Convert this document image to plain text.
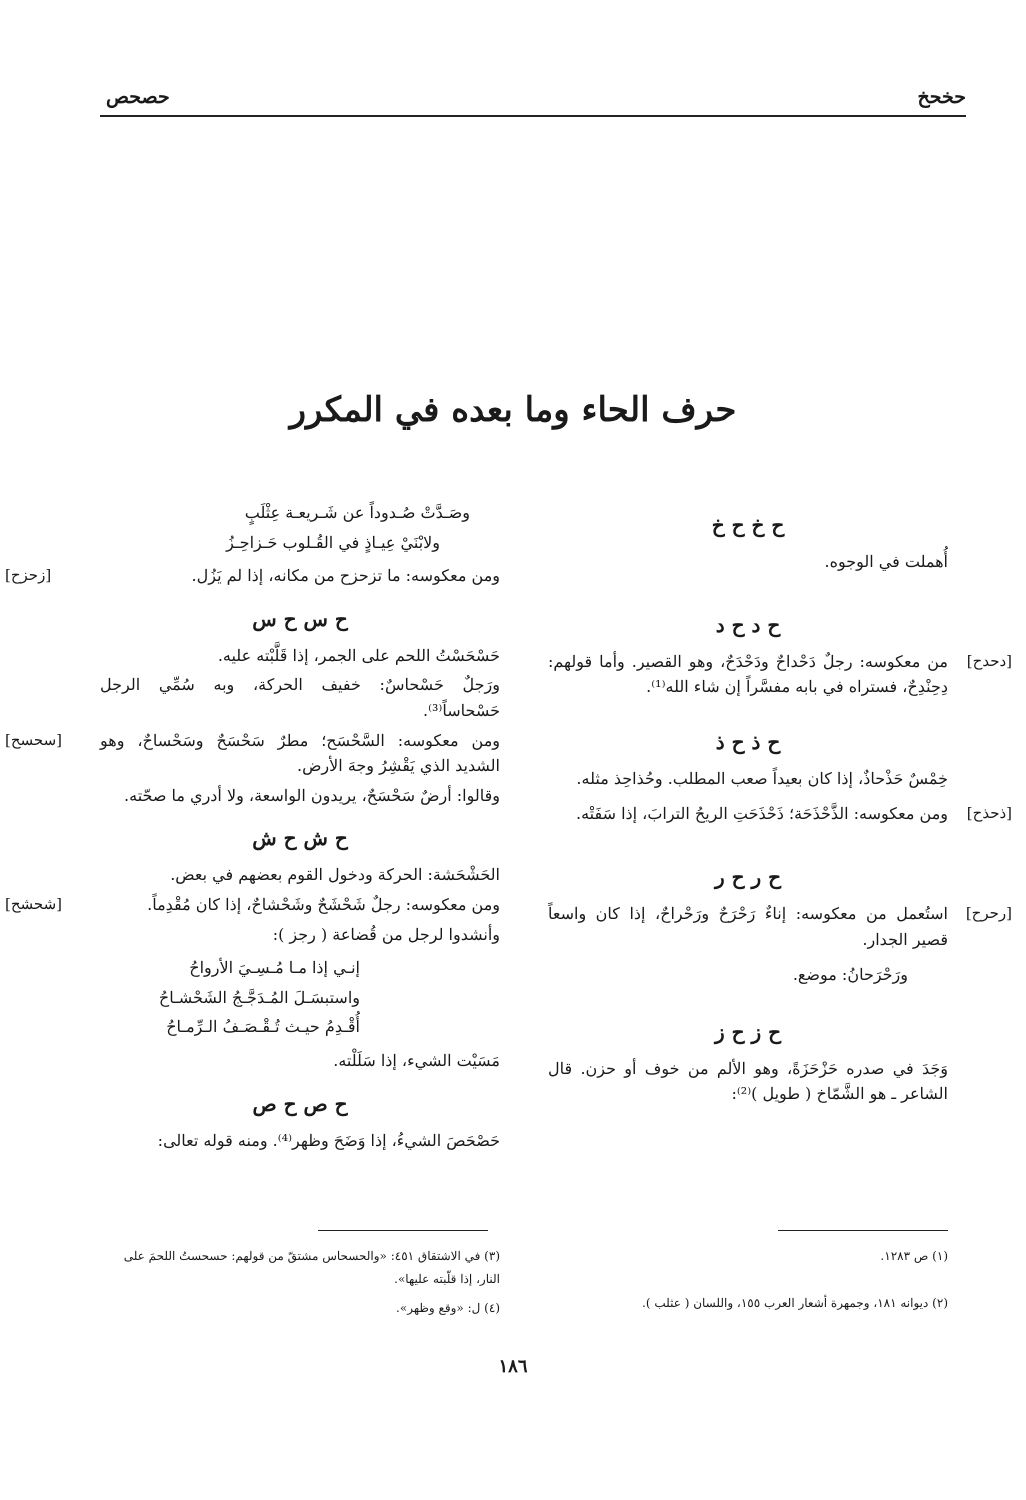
حخحخ
حصحص
حرف الحاء وما بعده في المكرر
ح خ ح خ

أُهملت في الوجوه.

ح د ح د
[دحدح]

من معكوسه: رجلٌ دَحْداحٌ ودَحْدَحٌ، وهو القصير. وأما قولهم: دِحِنْدِحٌ، فستراه في بابه مفسَّراً إن شاء الله⁽¹⁾.

ح ذ ح ذ

خِمْسٌ حَذْحاذٌ، إذا كان بعيداً صعب المطلب. وحُذاحِذ مثله.

[ذحذح]

ومن معكوسه: الذَّحْذَحَة؛ ذَحْذَحَتِ الريحُ الترابَ، إذا سَفَتْه.

ح ر ح ر
[رحرح]

استُعمل من معكوسه: إناءٌ رَحْرَحٌ ورَحْراحٌ، إذا كان واسعاً قصير الجدار.

ورَحْرَحانُ: موضع.

ح ز ح ز

وَجَدَ في صدره حَزْحَزَةً، وهو الألم من خوف أو حزن. قال الشاعر ـ هو الشَّمّاخ ( طويل )⁽²⁾:

وصَـدَّتْ صُـدوداً عن شَـريعـة عِثْلَبٍ

ولابْنَيْ عِيـاذٍ في القُـلوب حَـزاحِـزُ

[زحزح]	ومن معكوسه: ما تزحزح من مكانه، إذا لم يَزُل.

ح س ح س

حَسْحَسْتُ اللحم على الجمر، إذا قَلَّبْته عليه.

ورَجلٌ حَسْحاسٌ: خفيف الحركة، وبه سُمِّي الرجل حَسْحاساً⁽³⁾.

[سحسح] ومن معكوسه: السَّحْسَح؛ مطرٌ سَحْسَحٌ وسَحْساحٌ، وهو الشديد الذي يَقْشِرُ وجهَ الأرض.

وقالوا: أرضٌ سَحْسَحٌ، يريدون الواسعة، ولا أدري ما صحّته.

ح ش ح ش

الحَشْحَشة: الحركة ودخول القوم بعضهم في بعض.

[شحشح]	ومن معكوسه: رجلٌ شَحْشَحٌ وشَحْشاحٌ، إذا كان مُقْدِماً.

وأنشدوا لرجل من قُضاعة ( رجز ):

إنـي إذا مـا مُـسِـيَ الأرواحُ

واستبسَـلَ المُـدَجَّـجُ الشَحْشـاحُ

أُقْـدِمُ حيـث تُـقْـصَـفُ الـرِّمـاحُ

مَسَيْت الشيء، إذا سَلَلْته.

ح ص ح ص

حَصْحَصَ الشيءُ، إذا وَضَحَ وظهر⁽⁴⁾. ومنه قوله تعالى:

(١) ص ١٢٨٣.
(٢) ديوانه ١٨١، وجمهرة أشعار العرب ١٥٥، واللسان ( عثلب ).
(٣) في الاشتقاق ٤٥١: «والحسحاس مشتقّ من قولهم: حسحستُ اللحمَ على النار، إذا قلّبته عليها».
(٤) ل: «وقع وظهر».
١٨٦
